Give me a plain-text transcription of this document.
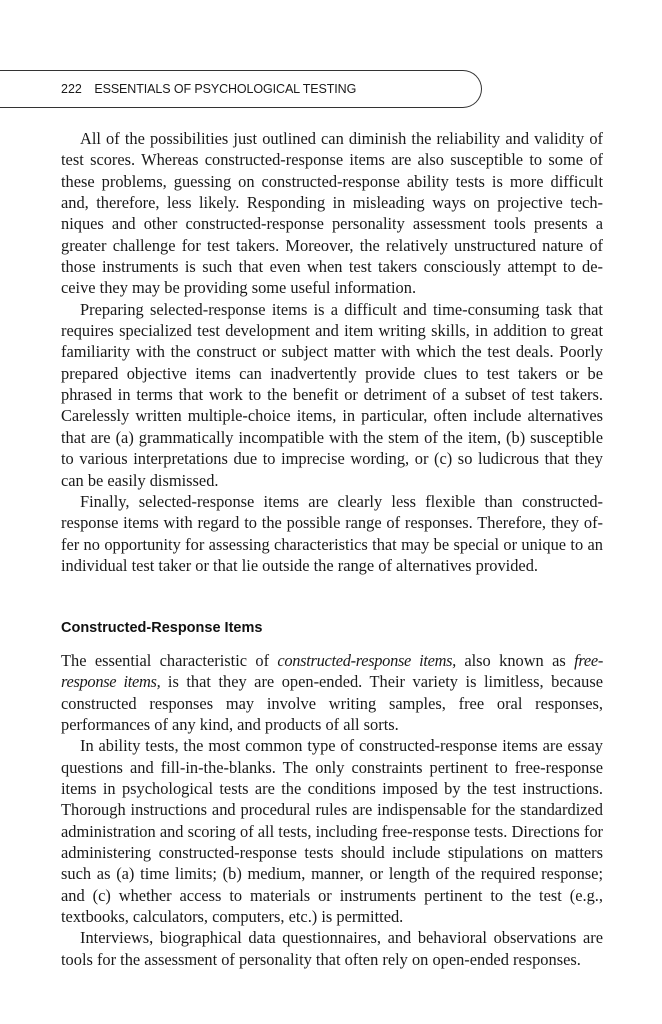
222 ESSENTIALS OF PSYCHOLOGICAL TESTING

All of the possibilities just outlined can diminish the reliability and validity of test scores. Whereas constructed-response items are also susceptible to some of these problems, guessing on constructed-response ability tests is more difficult and, therefore, less likely. Responding in misleading ways on projective techniques and other constructed-response personality assessment tools presents a greater challenge for test takers. Moreover, the relatively unstructured nature of those instruments is such that even when test takers consciously attempt to deceive they may be providing some useful information.

Preparing selected-response items is a difficult and time-consuming task that requires specialized test development and item writing skills, in addition to great familiarity with the construct or subject matter with which the test deals. Poorly prepared objective items can inadvertently provide clues to test takers or be phrased in terms that work to the benefit or detriment of a subset of test takers. Carelessly written multiple-choice items, in particular, often include alternatives that are (a) grammatically incompatible with the stem of the item, (b) susceptible to various interpretations due to imprecise wording, or (c) so ludicrous that they can be easily dismissed.

Finally, selected-response items are clearly less flexible than constructed-response items with regard to the possible range of responses. Therefore, they offer no opportunity for assessing characteristics that may be special or unique to an individual test taker or that lie outside the range of alternatives provided.

Constructed-Response Items

The essential characteristic of constructed-response items, also known as free-response items, is that they are open-ended. Their variety is limitless, because constructed responses may involve writing samples, free oral responses, performances of any kind, and products of all sorts.

In ability tests, the most common type of constructed-response items are essay questions and fill-in-the-blanks. The only constraints pertinent to free-response items in psychological tests are the conditions imposed by the test instructions. Thorough instructions and procedural rules are indispensable for the standardized administration and scoring of all tests, including free-response tests. Directions for administering constructed-response tests should include stipulations on matters such as (a) time limits; (b) medium, manner, or length of the required response; and (c) whether access to materials or instruments pertinent to the test (e.g., textbooks, calculators, computers, etc.) is permitted.

Interviews, biographical data questionnaires, and behavioral observations are tools for the assessment of personality that often rely on open-ended responses.
